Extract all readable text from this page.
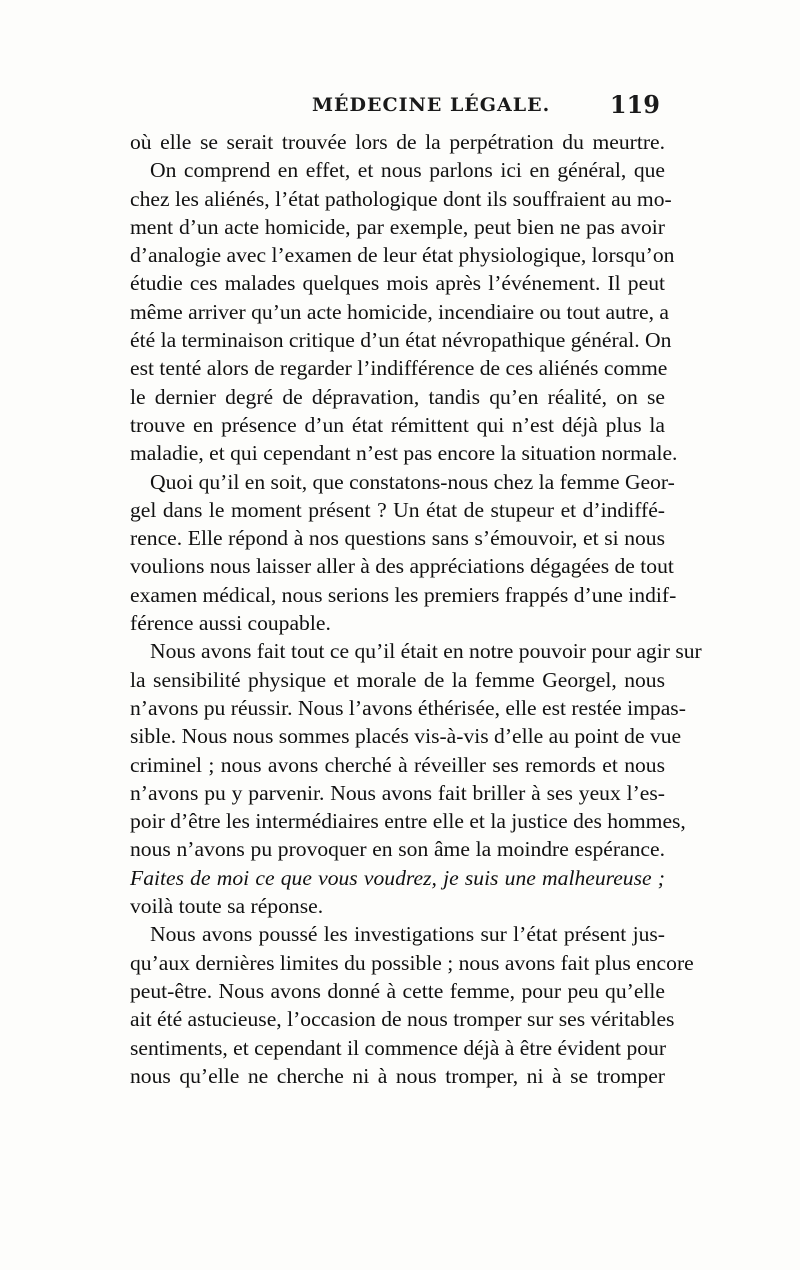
MÉDECINE LÉGALE. 119
où elle se serait trouvée lors de la perpétration du meurtre.
On comprend en effet, et nous parlons ici en général, que
chez les aliénés, l’état pathologique dont ils souffraient au mo-
ment d’un acte homicide, par exemple, peut bien ne pas avoir
d’analogie avec l’examen de leur état physiologique, lorsqu’on
étudie ces malades quelques mois après l’événement. Il peut
même arriver qu’un acte homicide, incendiaire ou tout autre, a
été la terminaison critique d’un état névropathique général. On
est tenté alors de regarder l’indifférence de ces aliénés comme
le dernier degré de dépravation, tandis qu’en réalité, on se
trouve en présence d’un état rémittent qui n’est déjà plus la
maladie, et qui cependant n’est pas encore la situation normale.
Quoi qu’il en soit, que constatons-nous chez la femme Geor-
gel dans le moment présent ? Un état de stupeur et d’indiffé-
rence. Elle répond à nos questions sans s’émouvoir, et si nous
voulions nous laisser aller à des appréciations dégagées de tout
examen médical, nous serions les premiers frappés d’une indif-
férence aussi coupable.
Nous avons fait tout ce qu’il était en notre pouvoir pour agir sur
la sensibilité physique et morale de la femme Georgel, nous
n’avons pu réussir. Nous l’avons éthérisée, elle est restée impas-
sible. Nous nous sommes placés vis-à-vis d’elle au point de vue
criminel ; nous avons cherché à réveiller ses remords et nous
n’avons pu y parvenir. Nous avons fait briller à ses yeux l’es-
poir d’être les intermédiaires entre elle et la justice des hommes,
nous n’avons pu provoquer en son âme la moindre espérance.
Faites de moi ce que vous voudrez, je suis une malheureuse ;
voilà toute sa réponse.
Nous avons poussé les investigations sur l’état présent jus-
qu’aux dernières limites du possible ; nous avons fait plus encore
peut-être. Nous avons donné à cette femme, pour peu qu’elle
ait été astucieuse, l’occasion de nous tromper sur ses véritables
sentiments, et cependant il commence déjà à être évident pour
nous qu’elle ne cherche ni à nous tromper, ni à se tromper
